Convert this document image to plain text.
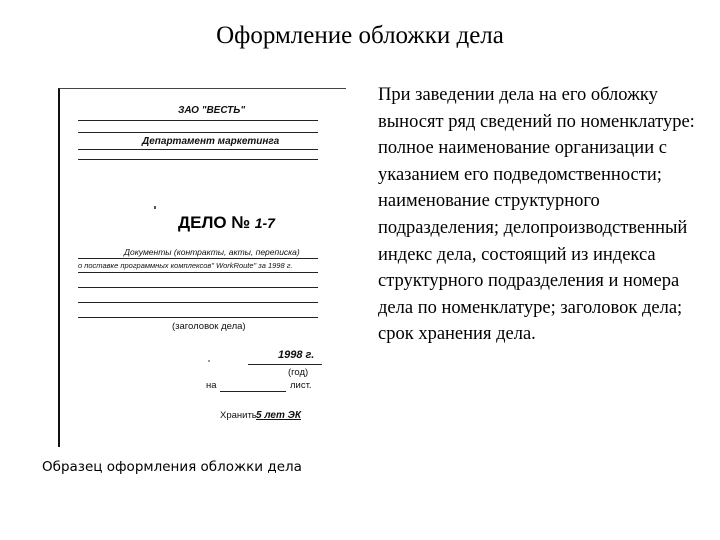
Оформление обложки дела

При заведении дела на его обложку выносят ряд сведений по номенклатуре: полное наименование организации с указанием его подведомственности; наименование структурного подразделения; делопроизводственный индекс дела, состоящий из индекса структурного подразделения и номера дела по номенклатуре; заголовок дела; срок хранения дела.

ЗАО "ВЕСТЬ"
Департамент маркетинга
ДЕЛО № 1-7
Документы (контракты, акты, переписка)
о поставке программных комплексов" WorkRoute" за 1998 г.
(заголовок дела)
1998 г.
(год)
на	лист.
Хранить 5 лет ЭК
Образец оформления обложки дела
